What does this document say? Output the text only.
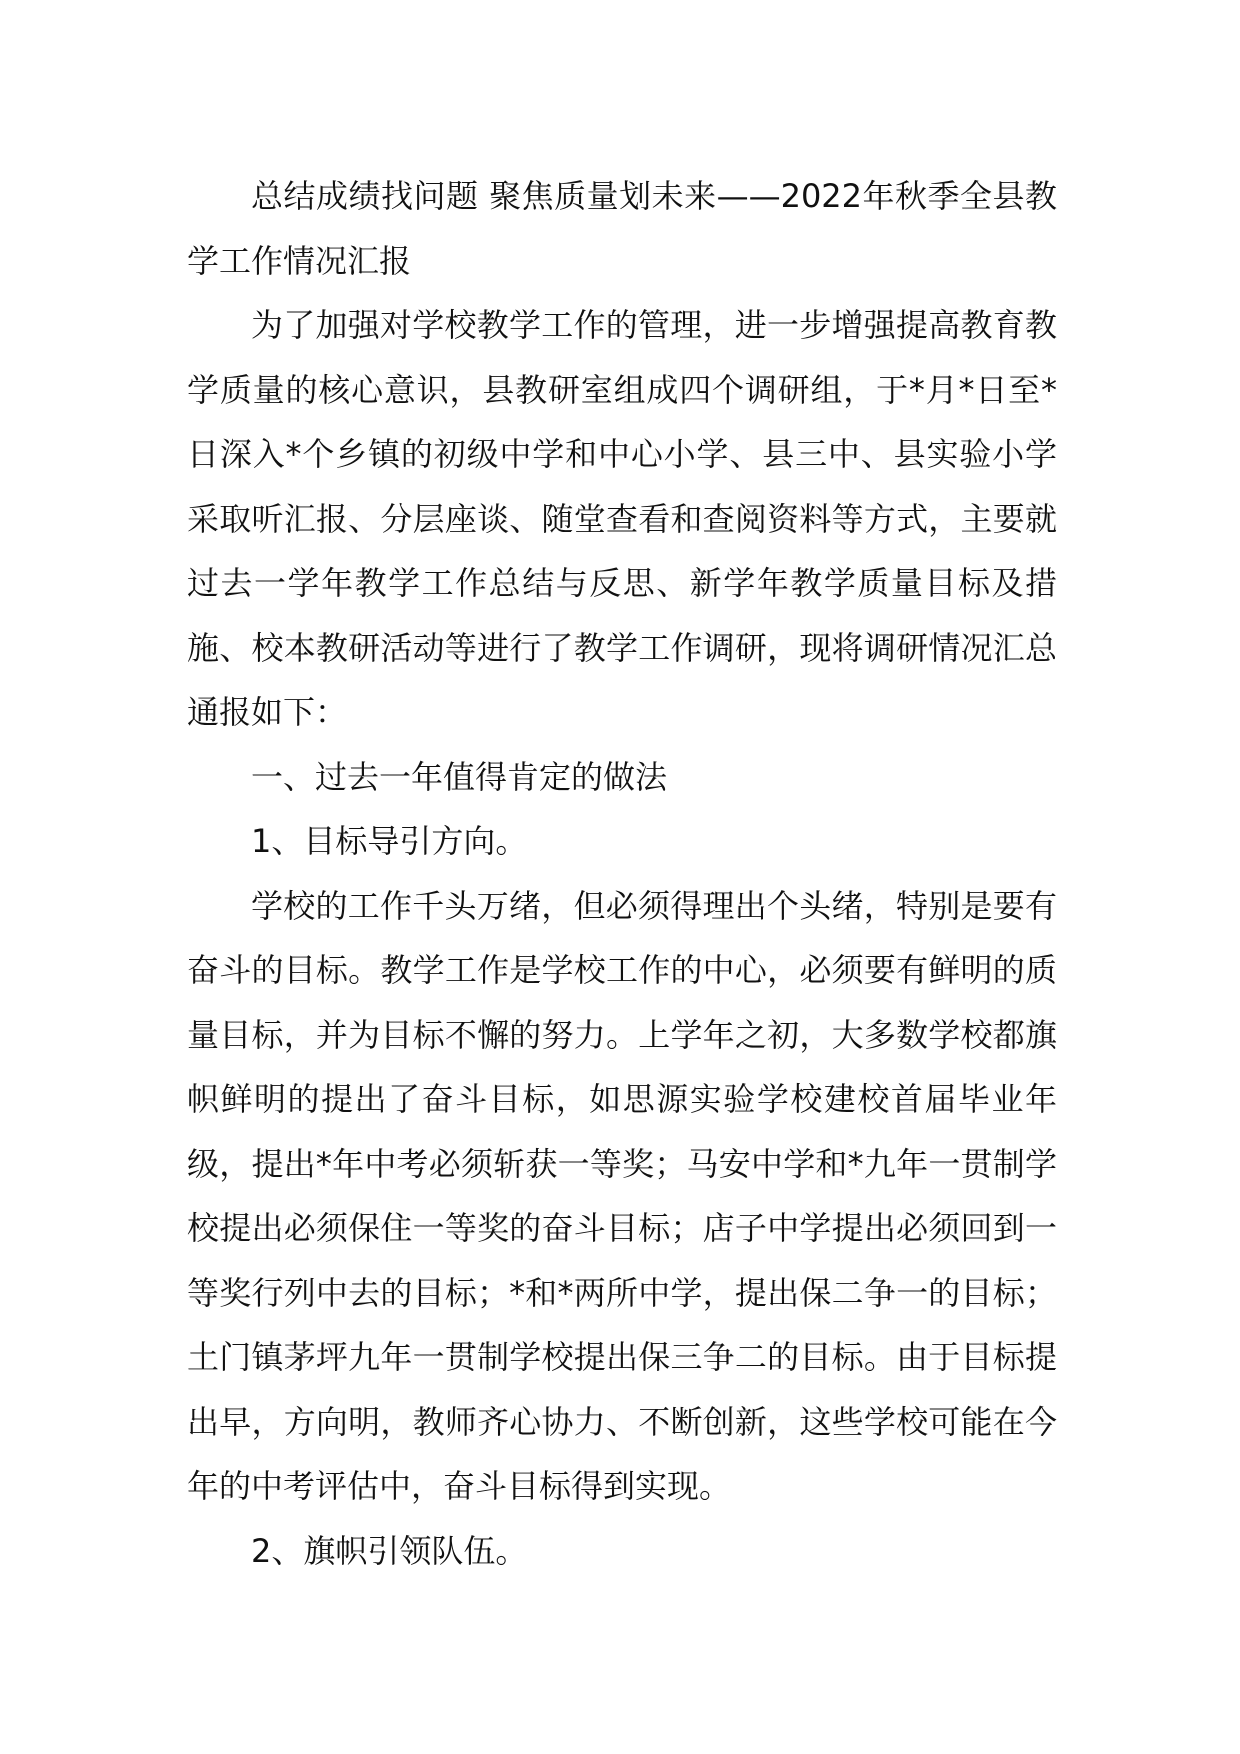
总结成绩找问题 聚焦质量划未来——2022年秋季全县教学工作情况汇报

为了加强对学校教学工作的管理，进一步增强提高教育教学质量的核心意识，县教研室组成四个调研组，于*月*日至*日深入*个乡镇的初级中学和中心小学、县三中、县实验小学采取听汇报、分层座谈、随堂查看和查阅资料等方式，主要就过去一学年教学工作总结与反思、新学年教学质量目标及措施、校本教研活动等进行了教学工作调研，现将调研情况汇总通报如下：

一、过去一年值得肯定的做法

1、目标导引方向。

学校的工作千头万绪，但必须得理出个头绪，特别是要有奋斗的目标。教学工作是学校工作的中心，必须要有鲜明的质量目标，并为目标不懈的努力。上学年之初，大多数学校都旗帜鲜明的提出了奋斗目标，如思源实验学校建校首届毕业年级，提出*年中考必须斩获一等奖；马安中学和*九年一贯制学校提出必须保住一等奖的奋斗目标；店子中学提出必须回到一等奖行列中去的目标；*和*两所中学，提出保二争一的目标；土门镇茅坪九年一贯制学校提出保三争二的目标。由于目标提出早，方向明，教师齐心协力、不断创新，这些学校可能在今年的中考评估中，奋斗目标得到实现。

2、旗帜引领队伍。
